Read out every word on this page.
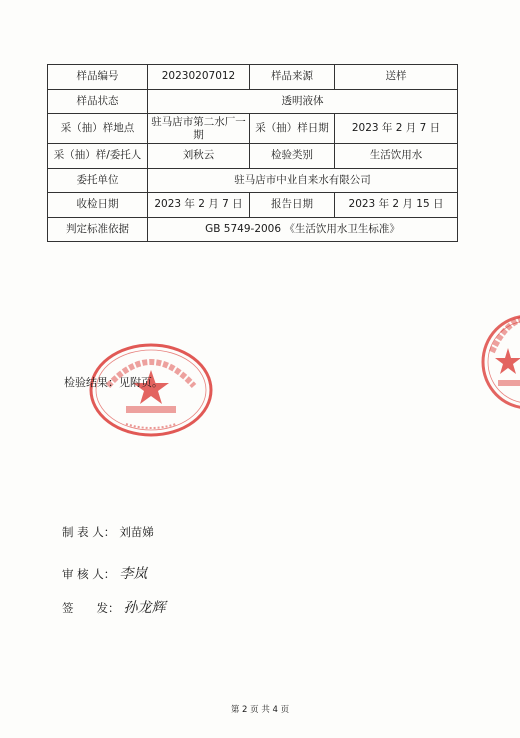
样品编号	20230207012	样品来源	送样
样品状态	透明液体		
采（抽）样地点	驻马店市第二水厂一期	采（抽）样日期	2023 年 2 月 7 日
采（抽）样/委托人	刘秋云	检验类别	生活饮用水
委托单位	驻马店市中业自来水有限公司		
收检日期	2023 年 2 月 7 日	报告日期	2023 年 2 月 15 日
判定标准依据	GB 5749-2006 《生活饮用水卫生标准》		
检验结果：见附页。
制 表 人： 刘苗娣
审 核 人： 李岚
签　　发： 孙龙辉
第 2 页 共 4 页
